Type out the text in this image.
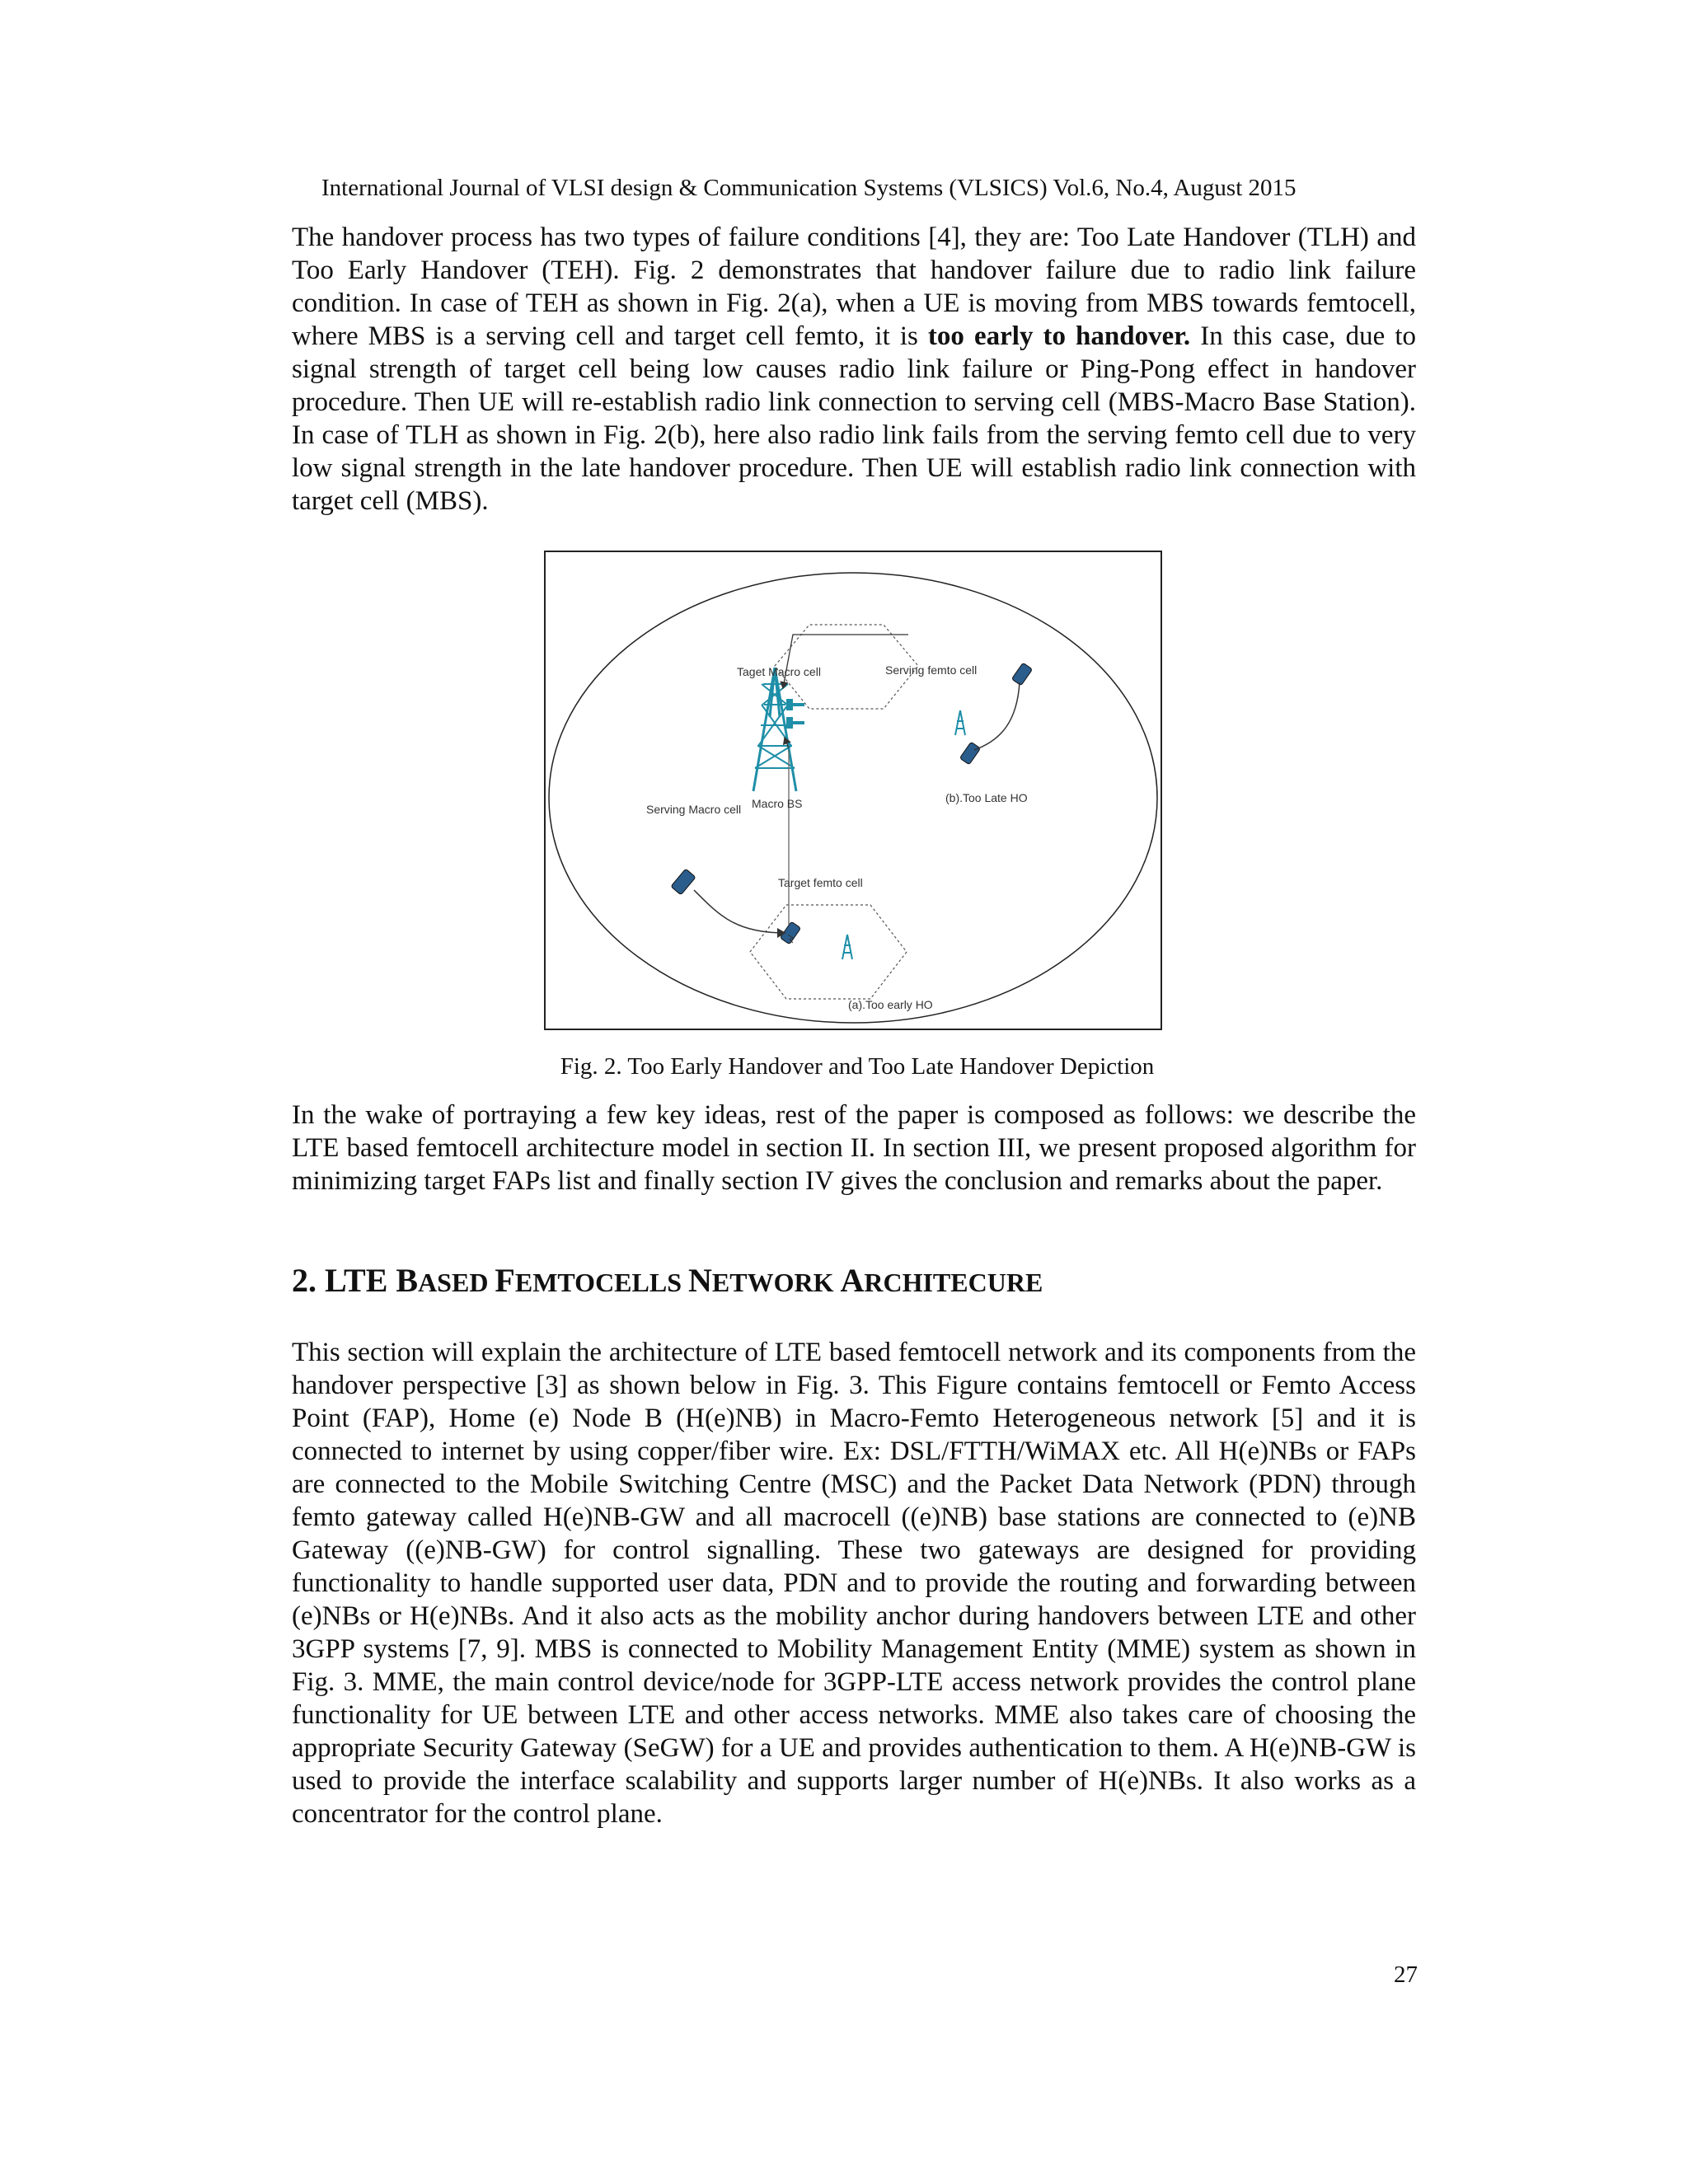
International Journal of VLSI design & Communication Systems (VLSICS) Vol.6, No.4, August 2015

The handover process has two types of failure conditions [4], they are: Too Late Handover (TLH) and Too Early Handover (TEH). Fig. 2 demonstrates that handover failure due to radio link failure condition. In case of TEH as shown in Fig. 2(a), when a UE is moving from MBS towards femtocell, where MBS is a serving cell and target cell femto, it is too early to handover. In this case, due to signal strength of target cell being low causes radio link failure or Ping-Pong effect in handover procedure. Then UE will re-establish radio link connection to serving cell (MBS-Macro Base Station). In case of TLH as shown in Fig. 2(b), here also radio link fails from the serving femto cell due to very low signal strength in the late handover procedure. Then UE will establish radio link connection with target cell (MBS).

Taget Macro cell	Serving femto cell
Macro BS
Serving Macro cell
(b).Too Late HO
Target femto cell
(a).Too early HO
Fig. 2. Too Early Handover and Too Late Handover Depiction

In the wake of portraying a few key ideas, rest of the paper is composed as follows: we describe the LTE based femtocell architecture model in section II. In section III, we present proposed algorithm for minimizing target FAPs list and finally section IV gives the conclusion and remarks about the paper.

2. LTE BASED FEMTOCELLS NETWORK ARCHITECURE

This section will explain the architecture of LTE based femtocell network and its components from the handover perspective [3] as shown below in Fig. 3. This Figure contains femtocell or Femto Access Point (FAP), Home (e) Node B (H(e)NB) in Macro-Femto Heterogeneous network [5] and it is connected to internet by using copper/fiber wire. Ex: DSL/FTTH/WiMAX etc. All H(e)NBs or FAPs are connected to the Mobile Switching Centre (MSC) and the Packet Data Network (PDN) through femto gateway called H(e)NB-GW and all macrocell ((e)NB) base stations are connected to (e)NB Gateway ((e)NB-GW) for control signalling. These two gateways are designed for providing functionality to handle supported user data, PDN and to provide the routing and forwarding between (e)NBs or H(e)NBs. And it also acts as the mobility anchor during handovers between LTE and other 3GPP systems [7, 9]. MBS is connected to Mobility Management Entity (MME) system as shown in Fig. 3. MME, the main control device/node for 3GPP-LTE access network provides the control plane functionality for UE between LTE and other access networks. MME also takes care of choosing the appropriate Security Gateway (SeGW) for a UE and provides authentication to them. A H(e)NB-GW is used to provide the interface scalability and supports larger number of H(e)NBs. It also works as a concentrator for the control plane.

27
